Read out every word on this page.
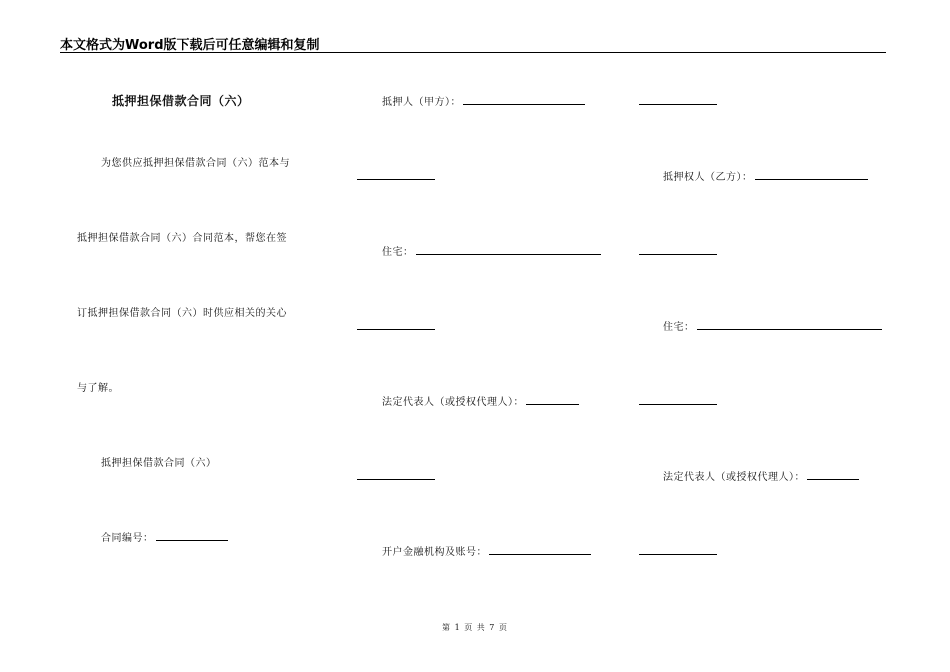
本文格式为Word版下载后可任意编辑和复制
抵押担保借款合同（六）
为您供应抵押担保借款合同（六）范本与
抵押担保借款合同（六）合同范本，帮您在签
订抵押担保借款合同（六）时供应相关的关心
与了解。
抵押担保借款合同（六）
合同编号：
抵押人（甲方）：
住宅：
法定代表人（或授权代理人）：
开户金融机构及账号：
抵押权人（乙方）：
住宅：
法定代表人（或授权代理人）：
第 1 页 共 7 页
